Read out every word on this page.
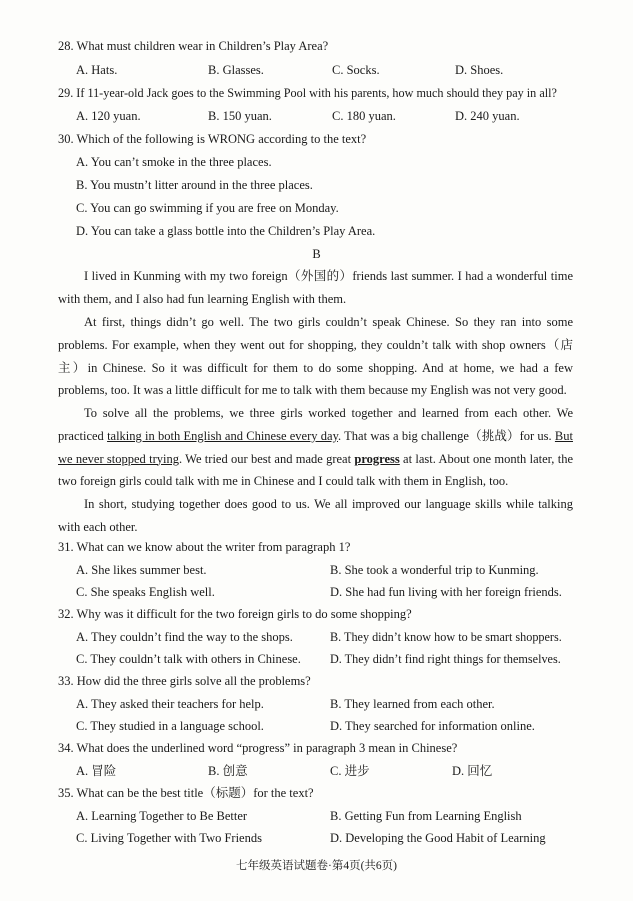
28. What must children wear in Children’s Play Area?
A. Hats.	B. Glasses.	C. Socks.	D. Shoes.
29. If 11-year-old Jack goes to the Swimming Pool with his parents, how much should they pay in all?
A. 120 yuan.	B. 150 yuan.	C. 180 yuan.	D. 240 yuan.
30. Which of the following is WRONG according to the text?
A. You can’t smoke in the three places.
B. You mustn’t litter around in the three places.
C. You can go swimming if you are free on Monday.
D. You can take a glass bottle into the Children’s Play Area.
B
I lived in Kunming with my two foreign（外国的）friends last summer. I had a wonderful time with them, and I also had fun learning English with them.
At first, things didn’t go well. The two girls couldn’t speak Chinese. So they ran into some problems. For example, when they went out for shopping, they couldn’t talk with shop owners（店主）in Chinese. So it was difficult for them to do some shopping. And at home, we had a few problems, too. It was a little difficult for me to talk with them because my English was not very good.
To solve all the problems, we three girls worked together and learned from each other. We practiced talking in both English and Chinese every day. That was a big challenge（挑战）for us. But we never stopped trying. We tried our best and made great progress at last. About one month later, the two foreign girls could talk with me in Chinese and I could talk with them in English, too.
In short, studying together does good to us. We all improved our language skills while talking with each other.
31. What can we know about the writer from paragraph 1?
A. She likes summer best.	B. She took a wonderful trip to Kunming.
C. She speaks English well.	D. She had fun living with her foreign friends.
32. Why was it difficult for the two foreign girls to do some shopping?
A. They couldn’t find the way to the shops.	B. They didn’t know how to be smart shoppers.
C. They couldn’t talk with others in Chinese. D. They didn’t find right things for themselves.
33. How did the three girls solve all the problems?
A. They asked their teachers for help.	B. They learned from each other.
C. They studied in a language school.	D. They searched for information online.
34. What does the underlined word “progress” in paragraph 3 mean in Chinese?
A. 冒险	B. 创意	C. 进步	D. 回忆
35. What can be the best title（标题）for the text?
A. Learning Together to Be Better	B. Getting Fun from Learning English
C. Living Together with Two Friends	D. Developing the Good Habit of Learning
七年级英语试题卷·第4页(共6页)
